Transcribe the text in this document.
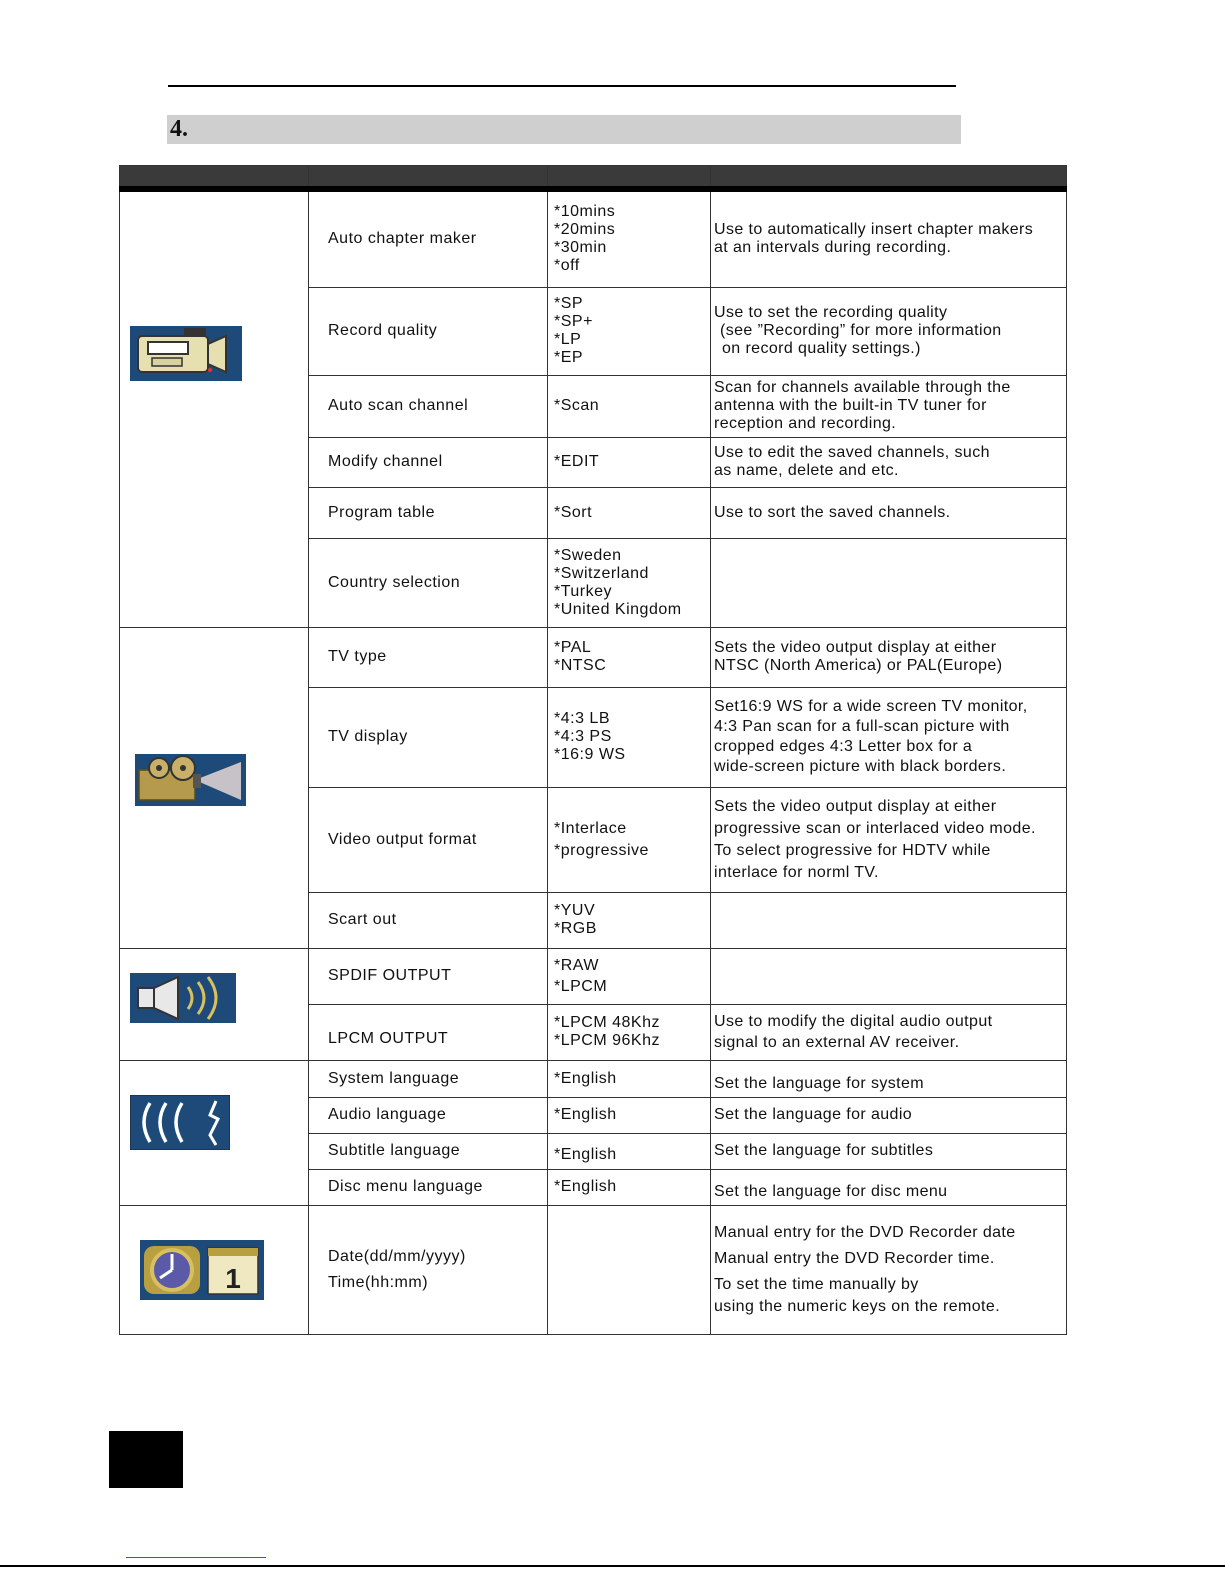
4.

	Auto chapter maker	*10mins
*20mins
*30min
*off	Use to automatically insert chapter makers
at an intervals during recording.

	Record quality	*SP
*SP+
*LP
*EP	Use to set the recording quality
(see ”Recording” for more information
on record quality settings.)

	Auto scan channel	*Scan	Scan for channels available through the
antenna with the built-in TV tuner for
reception and recording.

	Modify channel	*EDIT	Use to edit the saved channels, such
as name, delete and etc.

	Program table	*Sort	Use to sort the saved channels.

	Country selection	*Sweden
*Switzerland
*Turkey
*United Kingdom	

	TV type	*PAL
*NTSC	Sets the video output display at either
NTSC (North America) or PAL(Europe)

	TV display	*4:3 LB
*4:3 PS
*16:9 WS	Set16:9 WS for a wide screen TV monitor,
4:3 Pan scan for a full-scan picture with
cropped edges 4:3 Letter box for a
wide-screen picture with black borders.

	Video output format	*Interlace
*progressive	Sets the video output display at either
progressive scan or interlaced video mode.
To select progressive for HDTV while
interlace for norml TV.

	Scart out	*YUV
*RGB	

	SPDIF OUTPUT	*RAW
*LPCM	

	LPCM OUTPUT	*LPCM 48Khz
*LPCM 96Khz	Use to modify the digital audio output
signal to an external AV receiver.

	System language	*English	Set the language for system

	Audio language	*English	Set the language for audio

	Subtitle language	*English	Set the language for subtitles

	Disc menu language	*English	Set the language for disc menu

1	Date(dd/mm/yyyy)
Time(hh:mm)		Manual entry for the DVD Recorder date
Manual entry the DVD Recorder time.
To set the time manually by
using the numeric keys on the remote.
